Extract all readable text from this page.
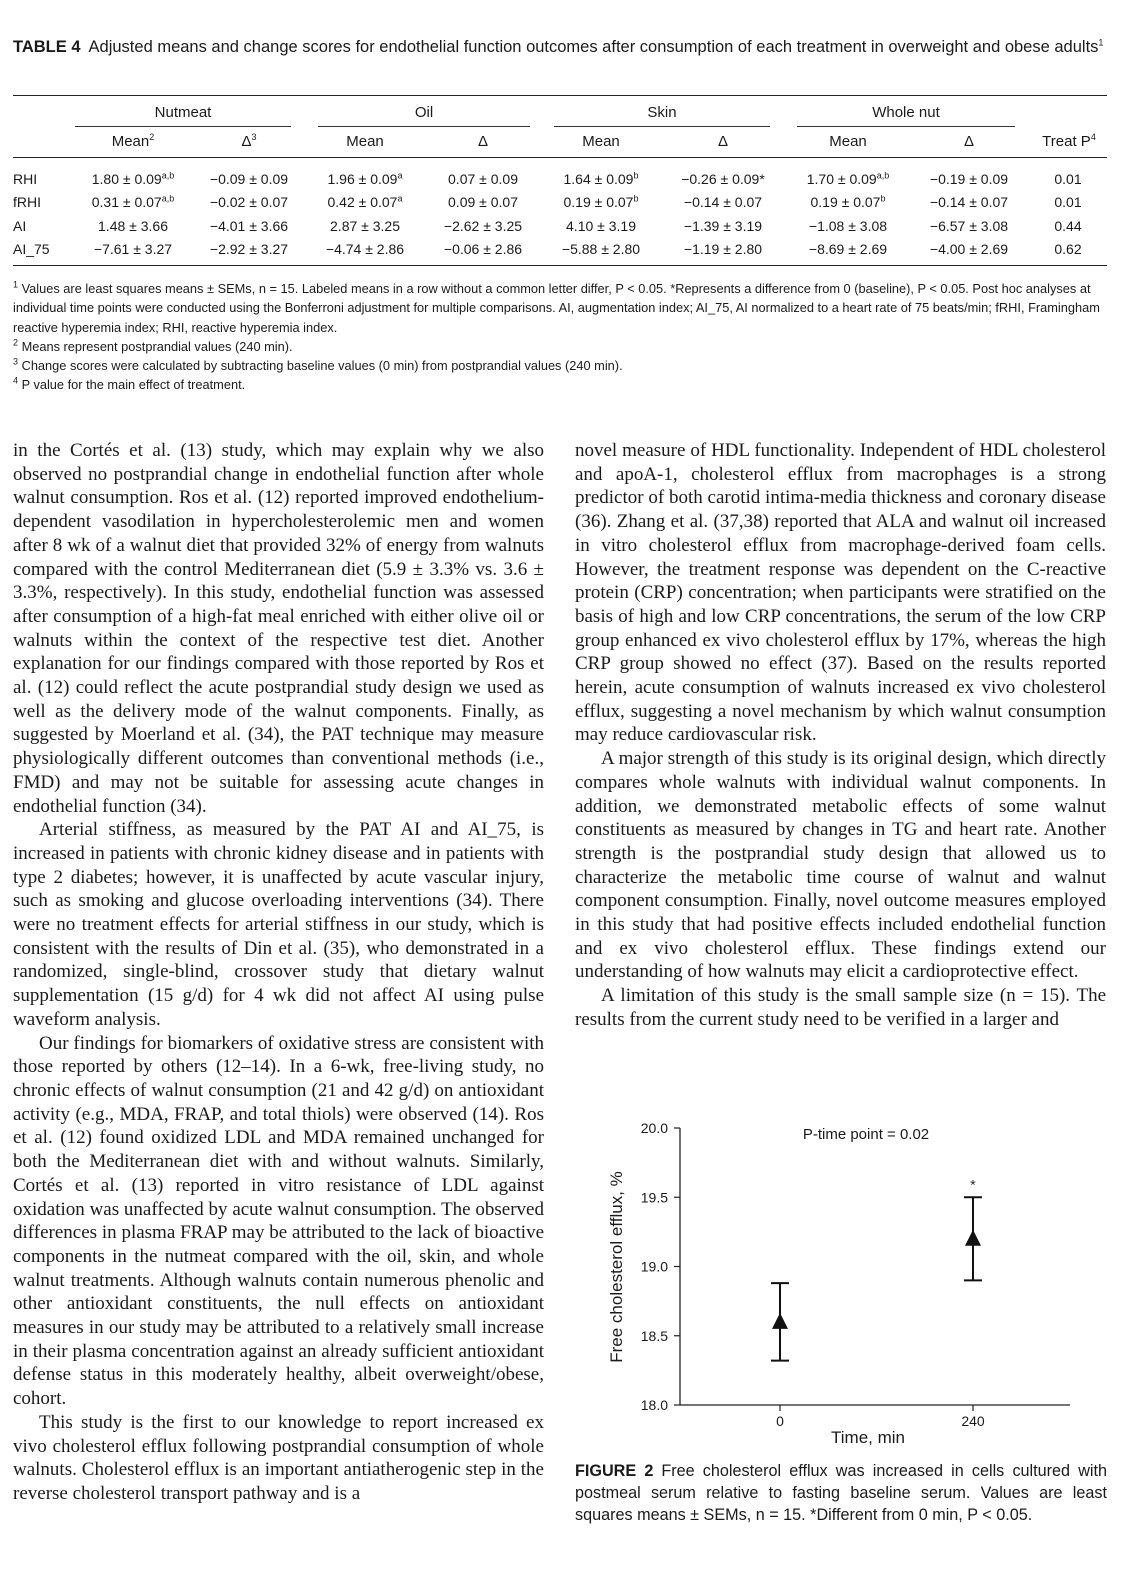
TABLE 4 Adjusted means and change scores for endothelial function outcomes after consumption of each treatment in overweight and obese adults$^1$
Nutmeat	Oil	Skin	Whole nut
Mean$^2$	$\Delta^3$	Mean	Δ	Mean	Δ	Mean	Δ	Treat $P^4$
RHI	$1.80 \pm 0.09^{a,b}$	−0.09 ± 0.09	1.96 ± 0.09$^a$	0.07 ± 0.09	1.64 ± 0.09$^b$	−0.26 ± 0.09*	$1.70 \pm 0.09^{a,b}$	−0.19 ± 0.09	0.01
fRHI	$0.31 \pm 0.07^{a,b}$	−0.02 ± 0.07	0.42 ± 0.07$^a$	0.09 ± 0.07	0.19 ± 0.07$^b$	−0.14 ± 0.07	0.19 ± 0.07$^b$	−0.14 ± 0.07	0.01
AI	1.48 ± 3.66	−4.01 ± 3.66	2.87 ± 3.25	−2.62 ± 3.25	4.10 ± 3.19	−1.39 ± 3.19	−1.08 ± 3.08	−6.57 ± 3.08	0.44
AI_75	−7.61 ± 3.27	−2.92 ± 3.27	−4.74 ± 2.86	−0.06 ± 2.86	−5.88 ± 2.80	−1.19 ± 2.80	−8.69 ± 2.69	−4.00 ± 2.69	0.62

$^1$ Values are least squares means ± SEMs, n = 15. Labeled means in a row without a common letter differ, P < 0.05. *Represents a difference from 0 (baseline), P < 0.05. Post hoc analyses at individual time points were conducted using the Bonferroni adjustment for multiple comparisons. AI, augmentation index; AI_75, AI normalized to a heart rate of 75 beats/min; fRHI, Framingham reactive hyperemia index; RHI, reactive hyperemia index.

$^2$ Means represent postprandial values (240 min).

$^3$ Change scores were calculated by subtracting baseline values (0 min) from postprandial values (240 min).

$^4$ P value for the main effect of treatment.

in the Cortés et al. (13) study, which may explain why we also observed no postprandial change in endothelial function after whole walnut consumption. Ros et al. (12) reported improved endothelium-dependent vasodilation in hypercholesterolemic men and women after 8 wk of a walnut diet that provided 32% of energy from walnuts compared with the control Mediterranean diet (5.9 ± 3.3% vs. 3.6 ± 3.3%, respectively). In this study, endothelial function was assessed after consumption of a high-fat meal enriched with either olive oil or walnuts within the context of the respective test diet. Another explanation for our findings compared with those reported by Ros et al. (12) could reflect the acute postprandial study design we used as well as the delivery mode of the walnut components. Finally, as suggested by Moerland et al. (34), the PAT technique may measure physiologically different outcomes than conventional methods (i.e., FMD) and may not be suitable for assessing acute changes in endothelial function (34).

Arterial stiffness, as measured by the PAT AI and AI_75, is increased in patients with chronic kidney disease and in patients with type 2 diabetes; however, it is unaffected by acute vascular injury, such as smoking and glucose overloading interventions (34). There were no treatment effects for arterial stiffness in our study, which is consistent with the results of Din et al. (35), who demonstrated in a randomized, single-blind, crossover study that dietary walnut supplementation (15 g/d) for 4 wk did not affect AI using pulse waveform analysis.

Our findings for biomarkers of oxidative stress are consistent with those reported by others (12–14). In a 6-wk, free-living study, no chronic effects of walnut consumption (21 and 42 g/d) on antioxidant activity (e.g., MDA, FRAP, and total thiols) were observed (14). Ros et al. (12) found oxidized LDL and MDA remained unchanged for both the Mediterranean diet with and without walnuts. Similarly, Cortés et al. (13) reported in vitro resistance of LDL against oxidation was unaffected by acute walnut consumption. The observed differences in plasma FRAP may be attributed to the lack of bioactive components in the nutmeat compared with the oil, skin, and whole walnut treatments. Although walnuts contain numerous phenolic and other antioxidant constituents, the null effects on antioxidant measures in our study may be attributed to a relatively small increase in their plasma concentration against an already sufficient antioxidant defense status in this moderately healthy, albeit overweight/obese, cohort.

This study is the first to our knowledge to report increased ex vivo cholesterol efflux following postprandial consumption of whole walnuts. Cholesterol efflux is an important antiatherogenic step in the reverse cholesterol transport pathway and is a

novel measure of HDL functionality. Independent of HDL cholesterol and apoA-1, cholesterol efflux from macrophages is a strong predictor of both carotid intima-media thickness and coronary disease (36). Zhang et al. (37,38) reported that ALA and walnut oil increased in vitro cholesterol efflux from macrophage-derived foam cells. However, the treatment response was dependent on the C-reactive protein (CRP) concentration; when participants were stratified on the basis of high and low CRP concentrations, the serum of the low CRP group enhanced ex vivo cholesterol efflux by 17%, whereas the high CRP group showed no effect (37). Based on the results reported herein, acute consumption of walnuts increased ex vivo cholesterol efflux, suggesting a novel mechanism by which walnut consumption may reduce cardiovascular risk.

A major strength of this study is its original design, which directly compares whole walnuts with individual walnut components. In addition, we demonstrated metabolic effects of some walnut constituents as measured by changes in TG and heart rate. Another strength is the postprandial study design that allowed us to characterize the metabolic time course of walnut and walnut component consumption. Finally, novel outcome measures employed in this study that had positive effects included endothelial function and ex vivo cholesterol efflux. These findings extend our understanding of how walnuts may elicit a cardioprotective effect.

A limitation of this study is the small sample size (n = 15). The results from the current study need to be verified in a larger and

18.0
18.5
19.0
19.5
20.0
0	240
Time, min
Free cholesterol efflux, %
P-time point = 0.02
*
FIGURE 2 Free cholesterol efflux was increased in cells cultured with postmeal serum relative to fasting baseline serum. Values are least squares means ± SEMs, n = 15. *Different from 0 min, P < 0.05.
